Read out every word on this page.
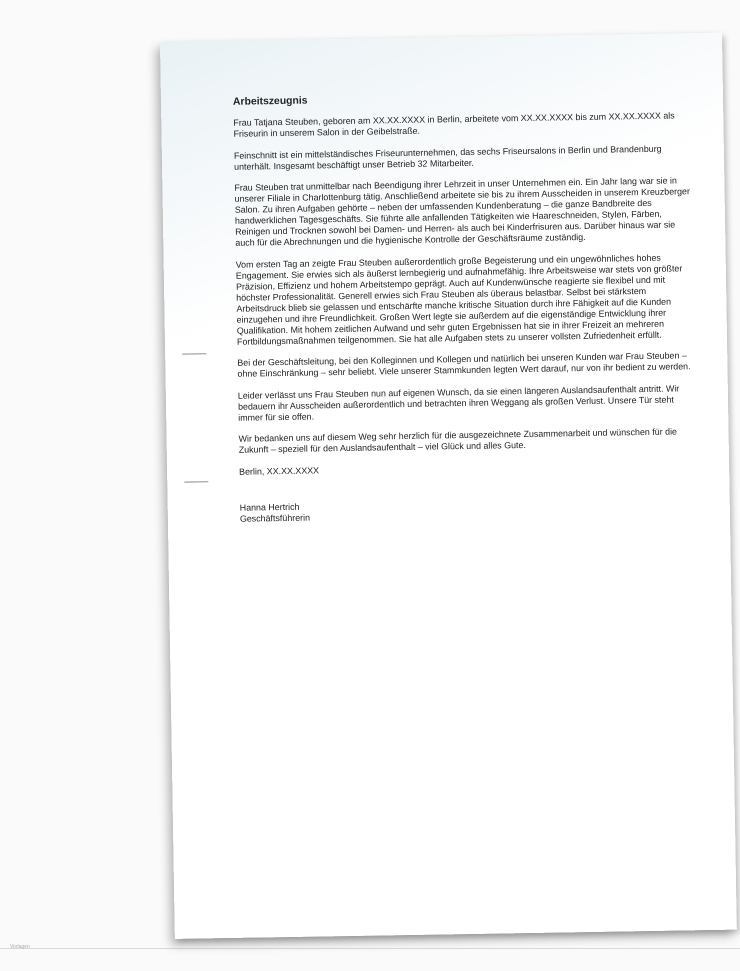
Vorlagen

Arbeitszeugnis

Frau Tatjana Steuben, geboren am XX.XX.XXXX in Berlin, arbeitete vom XX.XX.XXXX bis zum XX.XX.XXXX als Friseurin in unserem Salon in der Geibelstraße.

Feinschnitt ist ein mittelständisches Friseurunternehmen, das sechs Friseursalons in Berlin und Brandenburg unterhält. Insgesamt beschäftigt unser Betrieb 32 Mitarbeiter.

Frau Steuben trat unmittelbar nach Beendigung ihrer Lehrzeit in unser Unternehmen ein. Ein Jahr lang war sie in unserer Filiale in Charlottenburg tätig. Anschließend arbeitete sie bis zu ihrem Ausscheiden in unserem Kreuzberger Salon. Zu ihren Aufgaben gehörte – neben der umfassenden Kundenberatung – die ganze Bandbreite des handwerklichen Tagesgeschäfts. Sie führte alle anfallenden Tätigkeiten wie Haareschneiden, Stylen, Färben, Reinigen und Trocknen sowohl bei Damen- und Herren- als auch bei Kinderfrisuren aus. Darüber hinaus war sie auch für die Abrechnungen und die hygienische Kontrolle der Geschäftsräume zuständig.

Vom ersten Tag an zeigte Frau Steuben außerordentlich große Begeisterung und ein ungewöhnliches hohes Engagement. Sie erwies sich als äußerst lernbegierig und aufnahmefähig. Ihre Arbeitsweise war stets von größter Präzision, Effizienz und hohem Arbeitstempo geprägt. Auch auf Kundenwünsche reagierte sie flexibel und mit höchster Professionalität. Generell erwies sich Frau Steuben als überaus belastbar. Selbst bei stärkstem Arbeitsdruck blieb sie gelassen und entschärfte manche kritische Situation durch ihre Fähigkeit auf die Kunden einzugehen und ihre Freundlichkeit. Großen Wert legte sie außerdem auf die eigenständige Entwicklung ihrer Qualifikation. Mit hohem zeitlichen Aufwand und sehr guten Ergebnissen hat sie in ihrer Freizeit an mehreren Fortbildungsmaßnahmen teilgenommen. Sie hat alle Aufgaben stets zu unserer vollsten Zufriedenheit erfüllt.

Bei der Geschäftsleitung, bei den Kolleginnen und Kollegen und natürlich bei unseren Kunden war Frau Steuben – ohne Einschränkung – sehr beliebt. Viele unserer Stammkunden legten Wert darauf, nur von ihr bedient zu werden.

Leider verlässt uns Frau Steuben nun auf eigenen Wunsch, da sie einen längeren Auslandsaufenthalt antritt. Wir bedauern ihr Ausscheiden außerordentlich und betrachten ihren Weggang als großen Verlust. Unsere Tür steht immer für sie offen.

Wir bedanken uns auf diesem Weg sehr herzlich für die ausgezeichnete Zusammenarbeit und wünschen für die Zukunft – speziell für den Auslandsaufenthalt – viel Glück und alles Gute.

Berlin, XX.XX.XXXX

Hanna Hertrich

Geschäftsführerin
